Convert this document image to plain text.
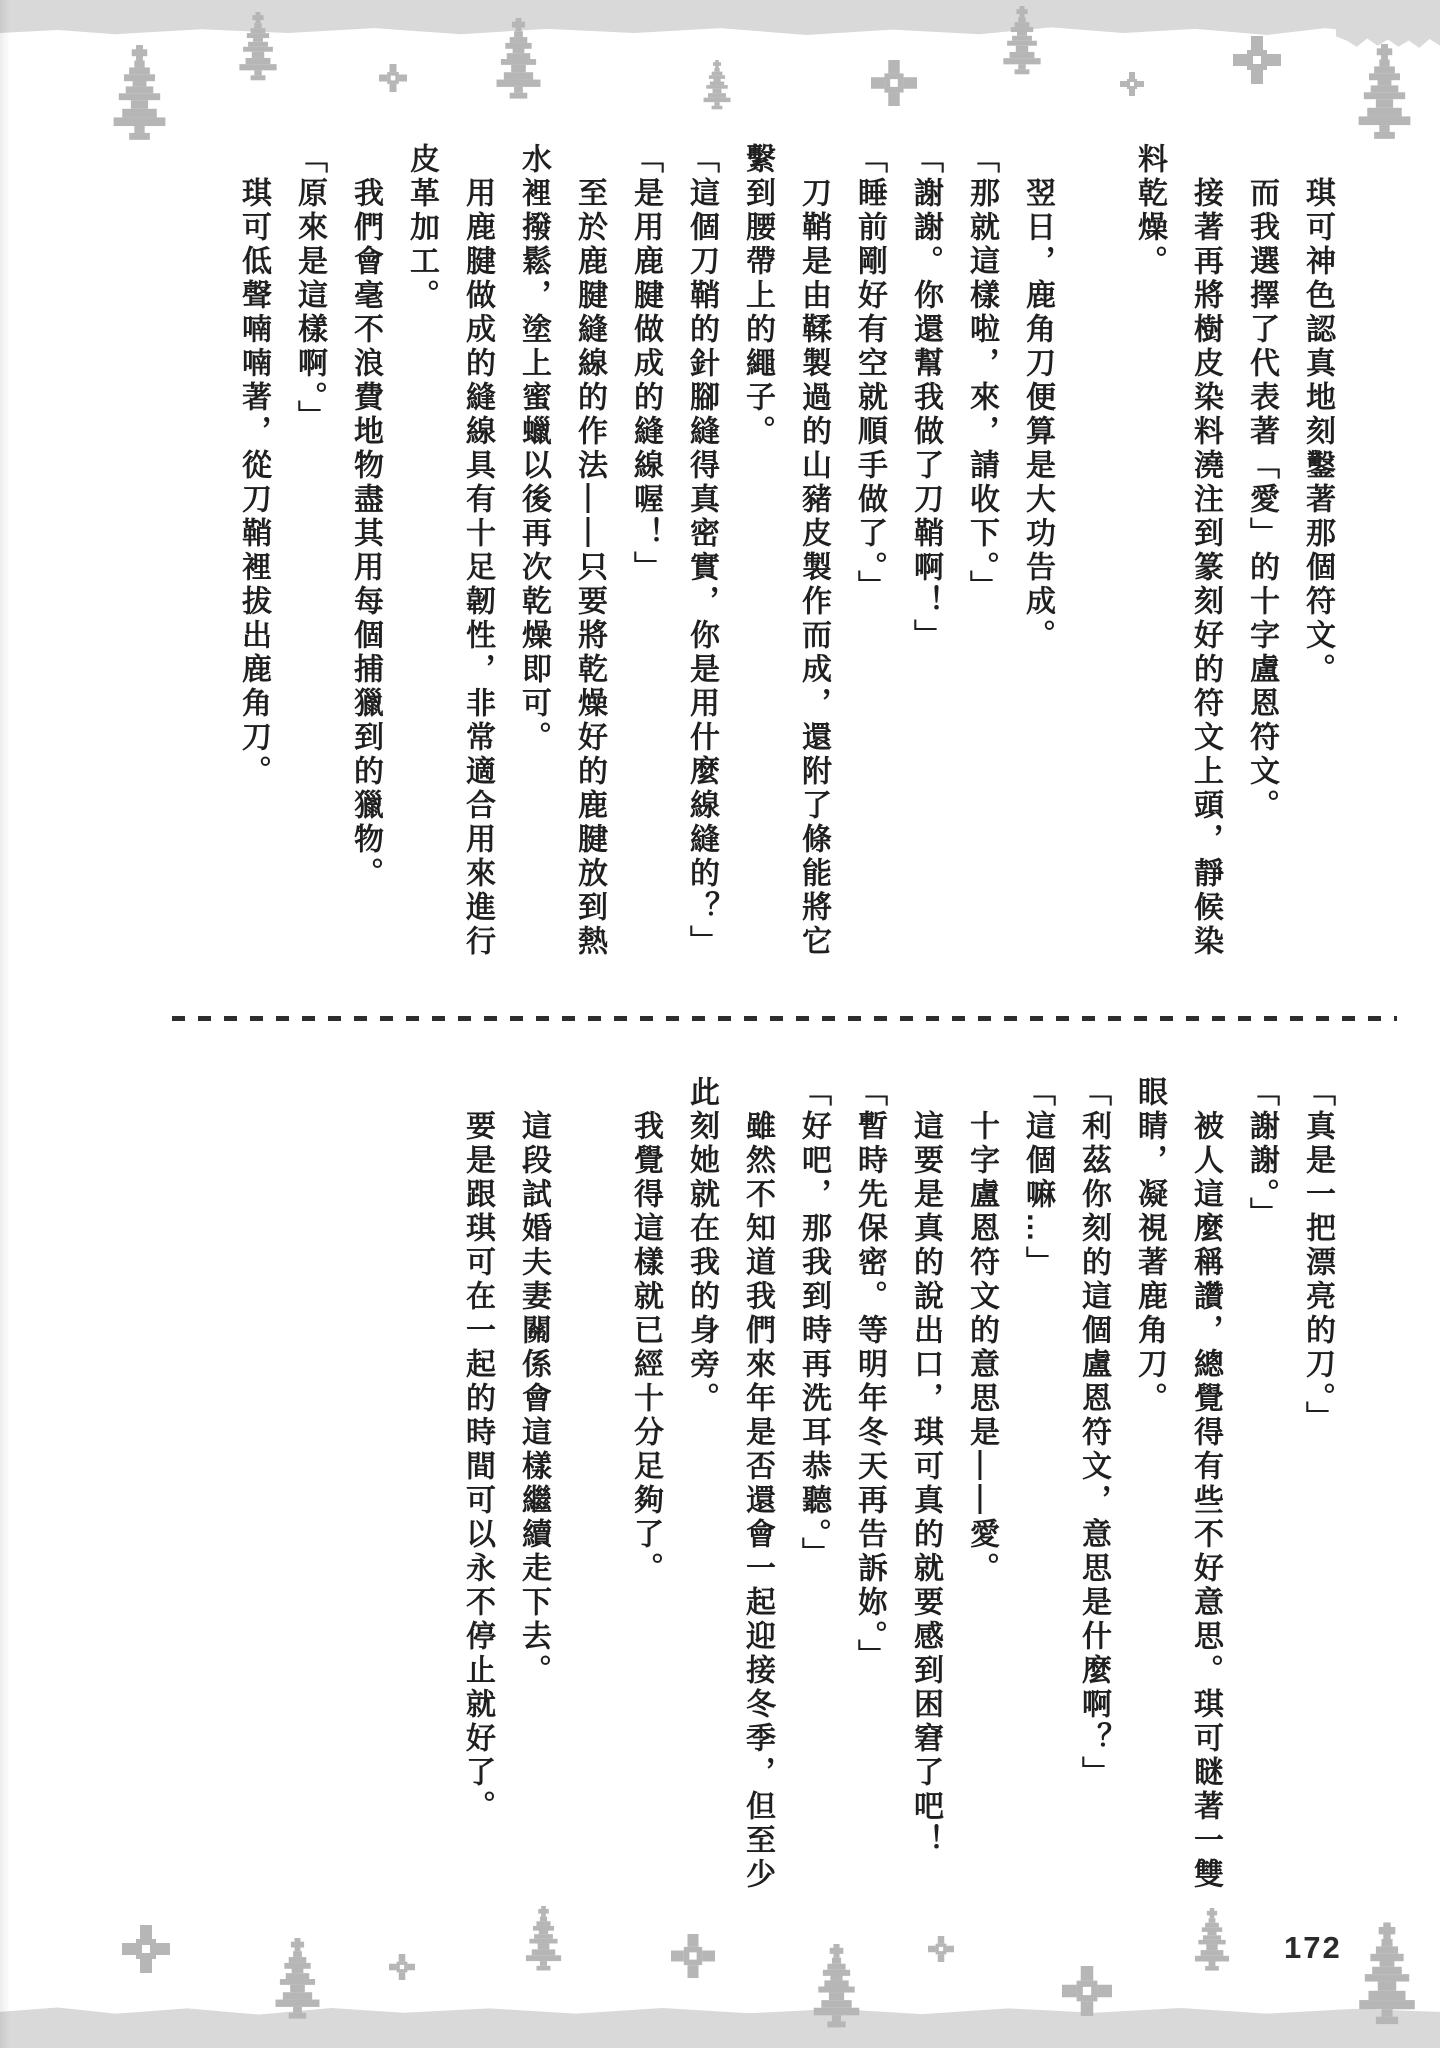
琪可神色認真地刻鑿著那個符文。
而我選擇了代表著「愛」的十字盧恩符文。
接著再將樹皮染料澆注到篆刻好的符文上頭，靜候染
料乾燥。

翌日，鹿角刀便算是大功告成。
「那就這樣啦，來，請收下。」
「謝謝。你還幫我做了刀鞘啊！」
「睡前剛好有空就順手做了。」
刀鞘是由鞣製過的山豬皮製作而成，還附了條能將它
繫到腰帶上的繩子。
「這個刀鞘的針腳縫得真密實，你是用什麼線縫的？」
「是用鹿腱做成的縫線喔！」
至於鹿腱縫線的作法——只要將乾燥好的鹿腱放到熱
水裡撥鬆，塗上蜜蠟以後再次乾燥即可。
用鹿腱做成的縫線具有十足韌性，非常適合用來進行
皮革加工。
我們會毫不浪費地物盡其用每個捕獵到的獵物。
「原來是這樣啊。」
琪可低聲喃喃著，從刀鞘裡拔出鹿角刀。
「真是一把漂亮的刀。」
「謝謝。」
被人這麼稱讚，總覺得有些不好意思。琪可瞇著一雙
眼睛，凝視著鹿角刀。
「利茲你刻的這個盧恩符文，意思是什麼啊？」
「這個嘛…」
十字盧恩符文的意思是——愛。
這要是真的說出口，琪可真的就要感到困窘了吧！
「暫時先保密。等明年冬天再告訴妳。」
「好吧，那我到時再洗耳恭聽。」
雖然不知道我們來年是否還會一起迎接冬季，但至少
此刻她就在我的身旁。
我覺得這樣就已經十分足夠了。

這段試婚夫妻關係會這樣繼續走下去。
要是跟琪可在一起的時間可以永不停止就好了。
172
